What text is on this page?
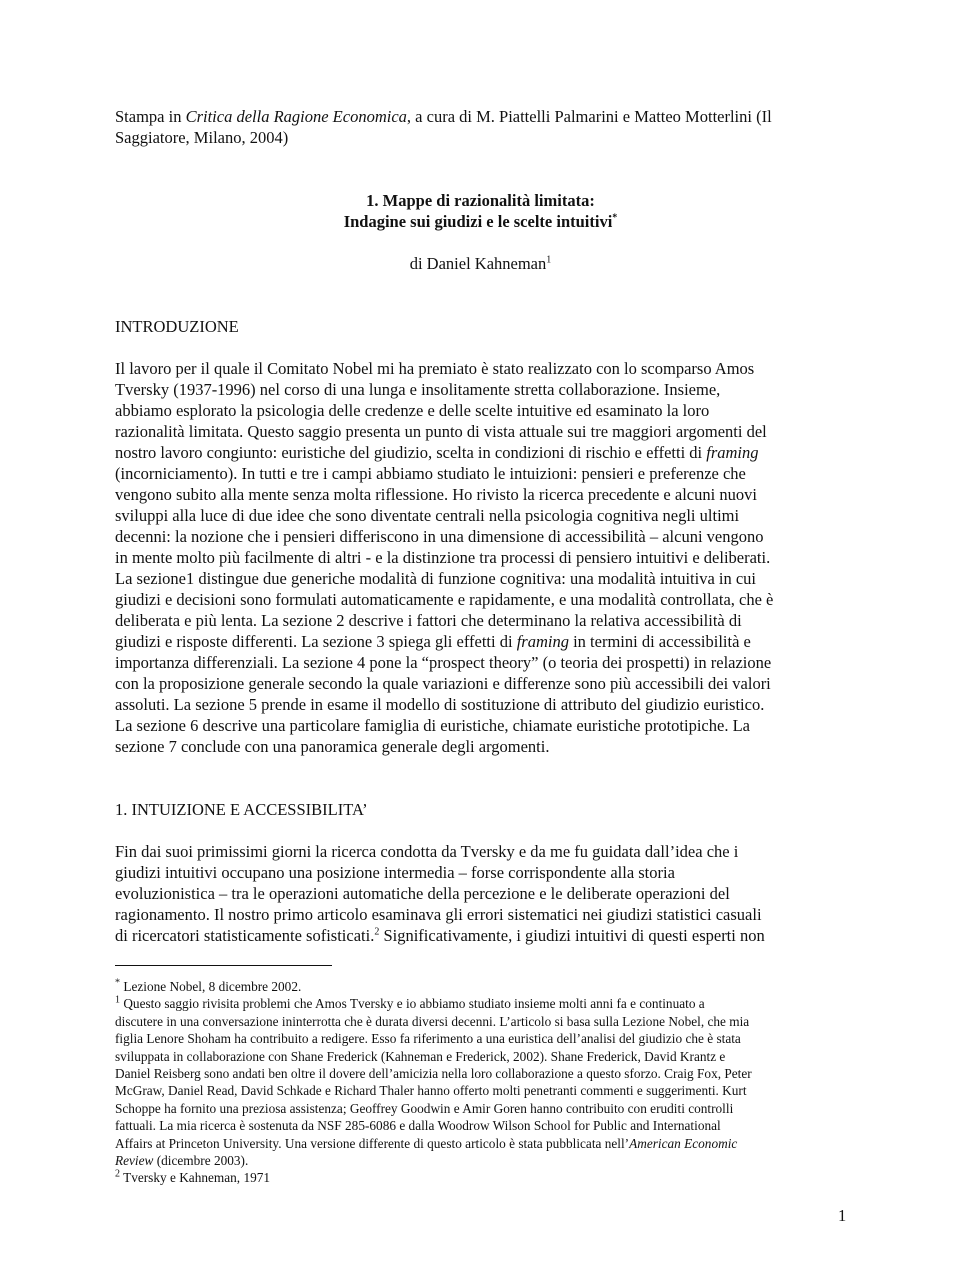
Stampa in Critica della Ragione Economica, a cura di M. Piattelli Palmarini e Matteo Motterlini (Il
Saggiatore, Milano, 2004)
1. Mappe di razionalità limitata:
Indagine sui giudizi e le scelte intuitivi*
di Daniel Kahneman$^1$
INTRODUZIONE
Il lavoro per il quale il Comitato Nobel mi ha premiato è stato realizzato con lo scomparso Amos
Tversky (1937-1996) nel corso di una lunga e insolitamente stretta collaborazione. Insieme,
abbiamo esplorato la psicologia delle credenze e delle scelte intuitive ed esaminato la loro
razionalità limitata. Questo saggio presenta un punto di vista attuale sui tre maggiori argomenti del
nostro lavoro congiunto: euristiche del giudizio, scelta in condizioni di rischio e effetti di framing
(incorniciamento). In tutti e tre i campi abbiamo studiato le intuizioni: pensieri e preferenze che
vengono subito alla mente senza molta riflessione. Ho rivisto la ricerca precedente e alcuni nuovi
sviluppi alla luce di due idee che sono diventate centrali nella psicologia cognitiva negli ultimi
decenni: la nozione che i pensieri differiscono in una dimensione di accessibilità – alcuni vengono
in mente molto più facilmente di altri - e la distinzione tra processi di pensiero intuitivi e deliberati.
La sezione1 distingue due generiche modalità di funzione cognitiva: una modalità intuitiva in cui
giudizi e decisioni sono formulati automaticamente e rapidamente, e una modalità controllata, che è
deliberata e più lenta. La sezione 2 descrive i fattori che determinano la relativa accessibilità di
giudizi e risposte differenti. La sezione 3 spiega gli effetti di framing in termini di accessibilità e
importanza differenziali. La sezione 4 pone la “prospect theory” (o teoria dei prospetti) in relazione
con la proposizione generale secondo la quale variazioni e differenze sono più accessibili dei valori
assoluti. La sezione 5 prende in esame il modello di sostituzione di attributo del giudizio euristico.
La sezione 6 descrive una particolare famiglia di euristiche, chiamate euristiche prototipiche. La
sezione 7 conclude con una panoramica generale degli argomenti.
1. INTUIZIONE E ACCESSIBILITA’
Fin dai suoi primissimi giorni la ricerca condotta da Tversky e da me fu guidata dall’idea che i
giudizi intuitivi occupano una posizione intermedia – forse corrispondente alla storia
evoluzionistica – tra le operazioni automatiche della percezione e le deliberate operazioni del
ragionamento. Il nostro primo articolo esaminava gli errori sistematici nei giudizi statistici casuali
di ricercatori statisticamente sofisticati.$^2$ Significativamente, i giudizi intuitivi di questi esperti non
* Lezione Nobel, 8 dicembre 2002.
$^1$ Questo saggio rivisita problemi che Amos Tversky e io abbiamo studiato insieme molti anni fa e continuato a
discutere in una conversazione ininterrotta che è durata diversi decenni. L’articolo si basa sulla Lezione Nobel, che mia
figlia Lenore Shoham ha contribuito a redigere. Esso fa riferimento a una euristica dell’analisi del giudizio che è stata
sviluppata in collaborazione con Shane Frederick (Kahneman e Frederick, 2002). Shane Frederick, David Krantz e
Daniel Reisberg sono andati ben oltre il dovere dell’amicizia nella loro collaborazione a questo sforzo. Craig Fox, Peter
McGraw, Daniel Read, David Schkade e Richard Thaler hanno offerto molti penetranti commenti e suggerimenti. Kurt
Schoppe ha fornito una preziosa assistenza; Geoffrey Goodwin e Amir Goren hanno contribuito con eruditi controlli
fattuali. La mia ricerca è sostenuta da NSF 285-6086 e dalla Woodrow Wilson School for Public and International
Affairs at Princeton University. Una versione differente di questo articolo è stata pubblicata nell’American Economic
Review (dicembre 2003).
$^2$ Tversky e Kahneman, 1971
1
